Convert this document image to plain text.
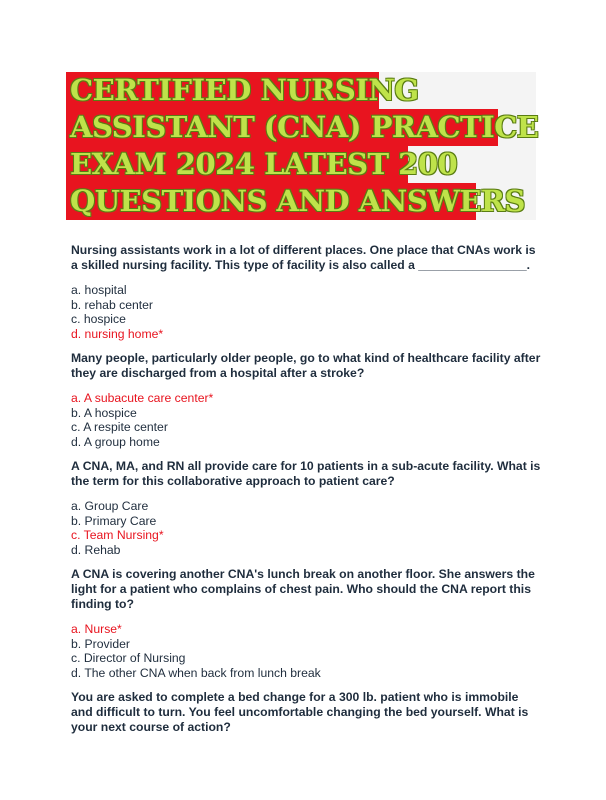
CERTIFIED NURSING
ASSISTANT (CNA) PRACTICE
EXAM 2024 LATEST 200
QUESTIONS AND ANSWERS

Nursing assistants work in a lot of different places. One place that CNAs work is a skilled nursing facility. This type of facility is also called a ________________.

a. hospital
b. rehab center
c. hospice
d. nursing home*

Many people, particularly older people, go to what kind of healthcare facility after they are discharged from a hospital after a stroke?

a. A subacute care center*
b. A hospice
c. A respite center
d. A group home

A CNA, MA, and RN all provide care for 10 patients in a sub-acute facility. What is the term for this collaborative approach to patient care?

a. Group Care
b. Primary Care
c. Team Nursing*
d. Rehab

A CNA is covering another CNA's lunch break on another floor. She answers the light for a patient who complains of chest pain. Who should the CNA report this finding to?

a. Nurse*
b. Provider
c. Director of Nursing
d. The other CNA when back from lunch break

You are asked to complete a bed change for a 300 lb. patient who is immobile and difficult to turn. You feel uncomfortable changing the bed yourself. What is your next course of action?
